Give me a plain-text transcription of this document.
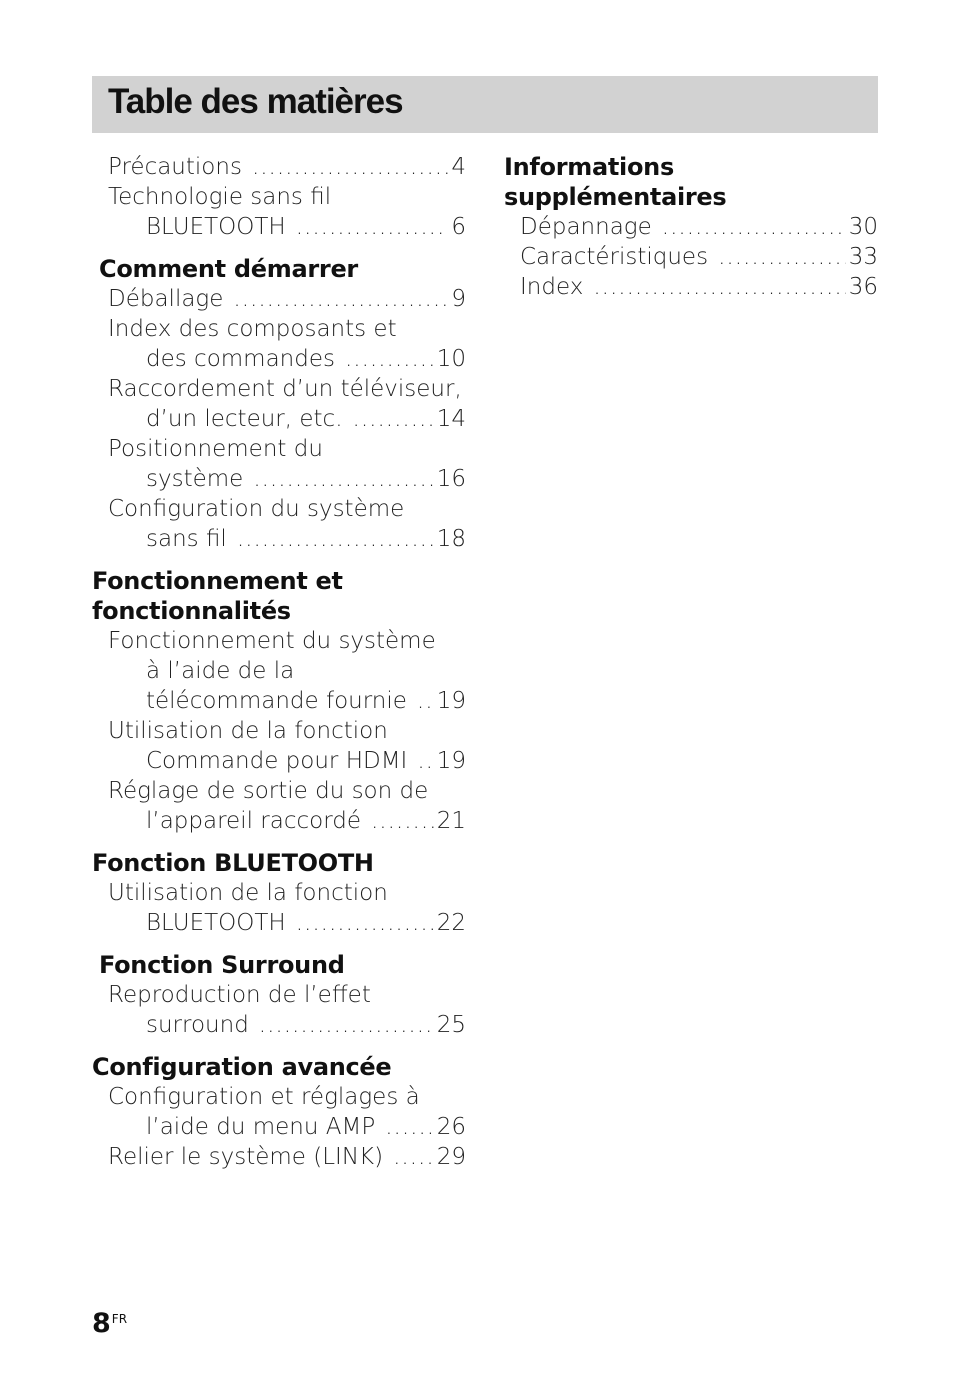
Table des matières
Précautions .....	4
Technologie sans fil
BLUETOOTH .....	6
Comment démarrer
Déballage .....	9
Index des composants et
des commandes .....	10
Raccordement d’un téléviseur,
d’un lecteur, etc. .....	14
Positionnement du
système .....	16
Configuration du système
sans fil .....	18
Fonctionnement et fonctionnalités
Fonctionnement du système
à l’aide de la
télécommande fournie ..... 19
Utilisation de la fonction
Commande pour HDMI ..... 19
Réglage de sortie du son de
l’appareil raccordé .....	21
Fonction BLUETOOTH
Utilisation de la fonction
BLUETOOTH .....	22
Fonction Surround
Reproduction de l’effet
surround .....	25
Configuration avancée
Configuration et réglages à
l’aide du menu AMP .....	26
Relier le système (LINK) ..... 29
Informations supplémentaires
Dépannage .....	30
Caractéristiques .....	33
Index .....	36
$8^{FR}$
